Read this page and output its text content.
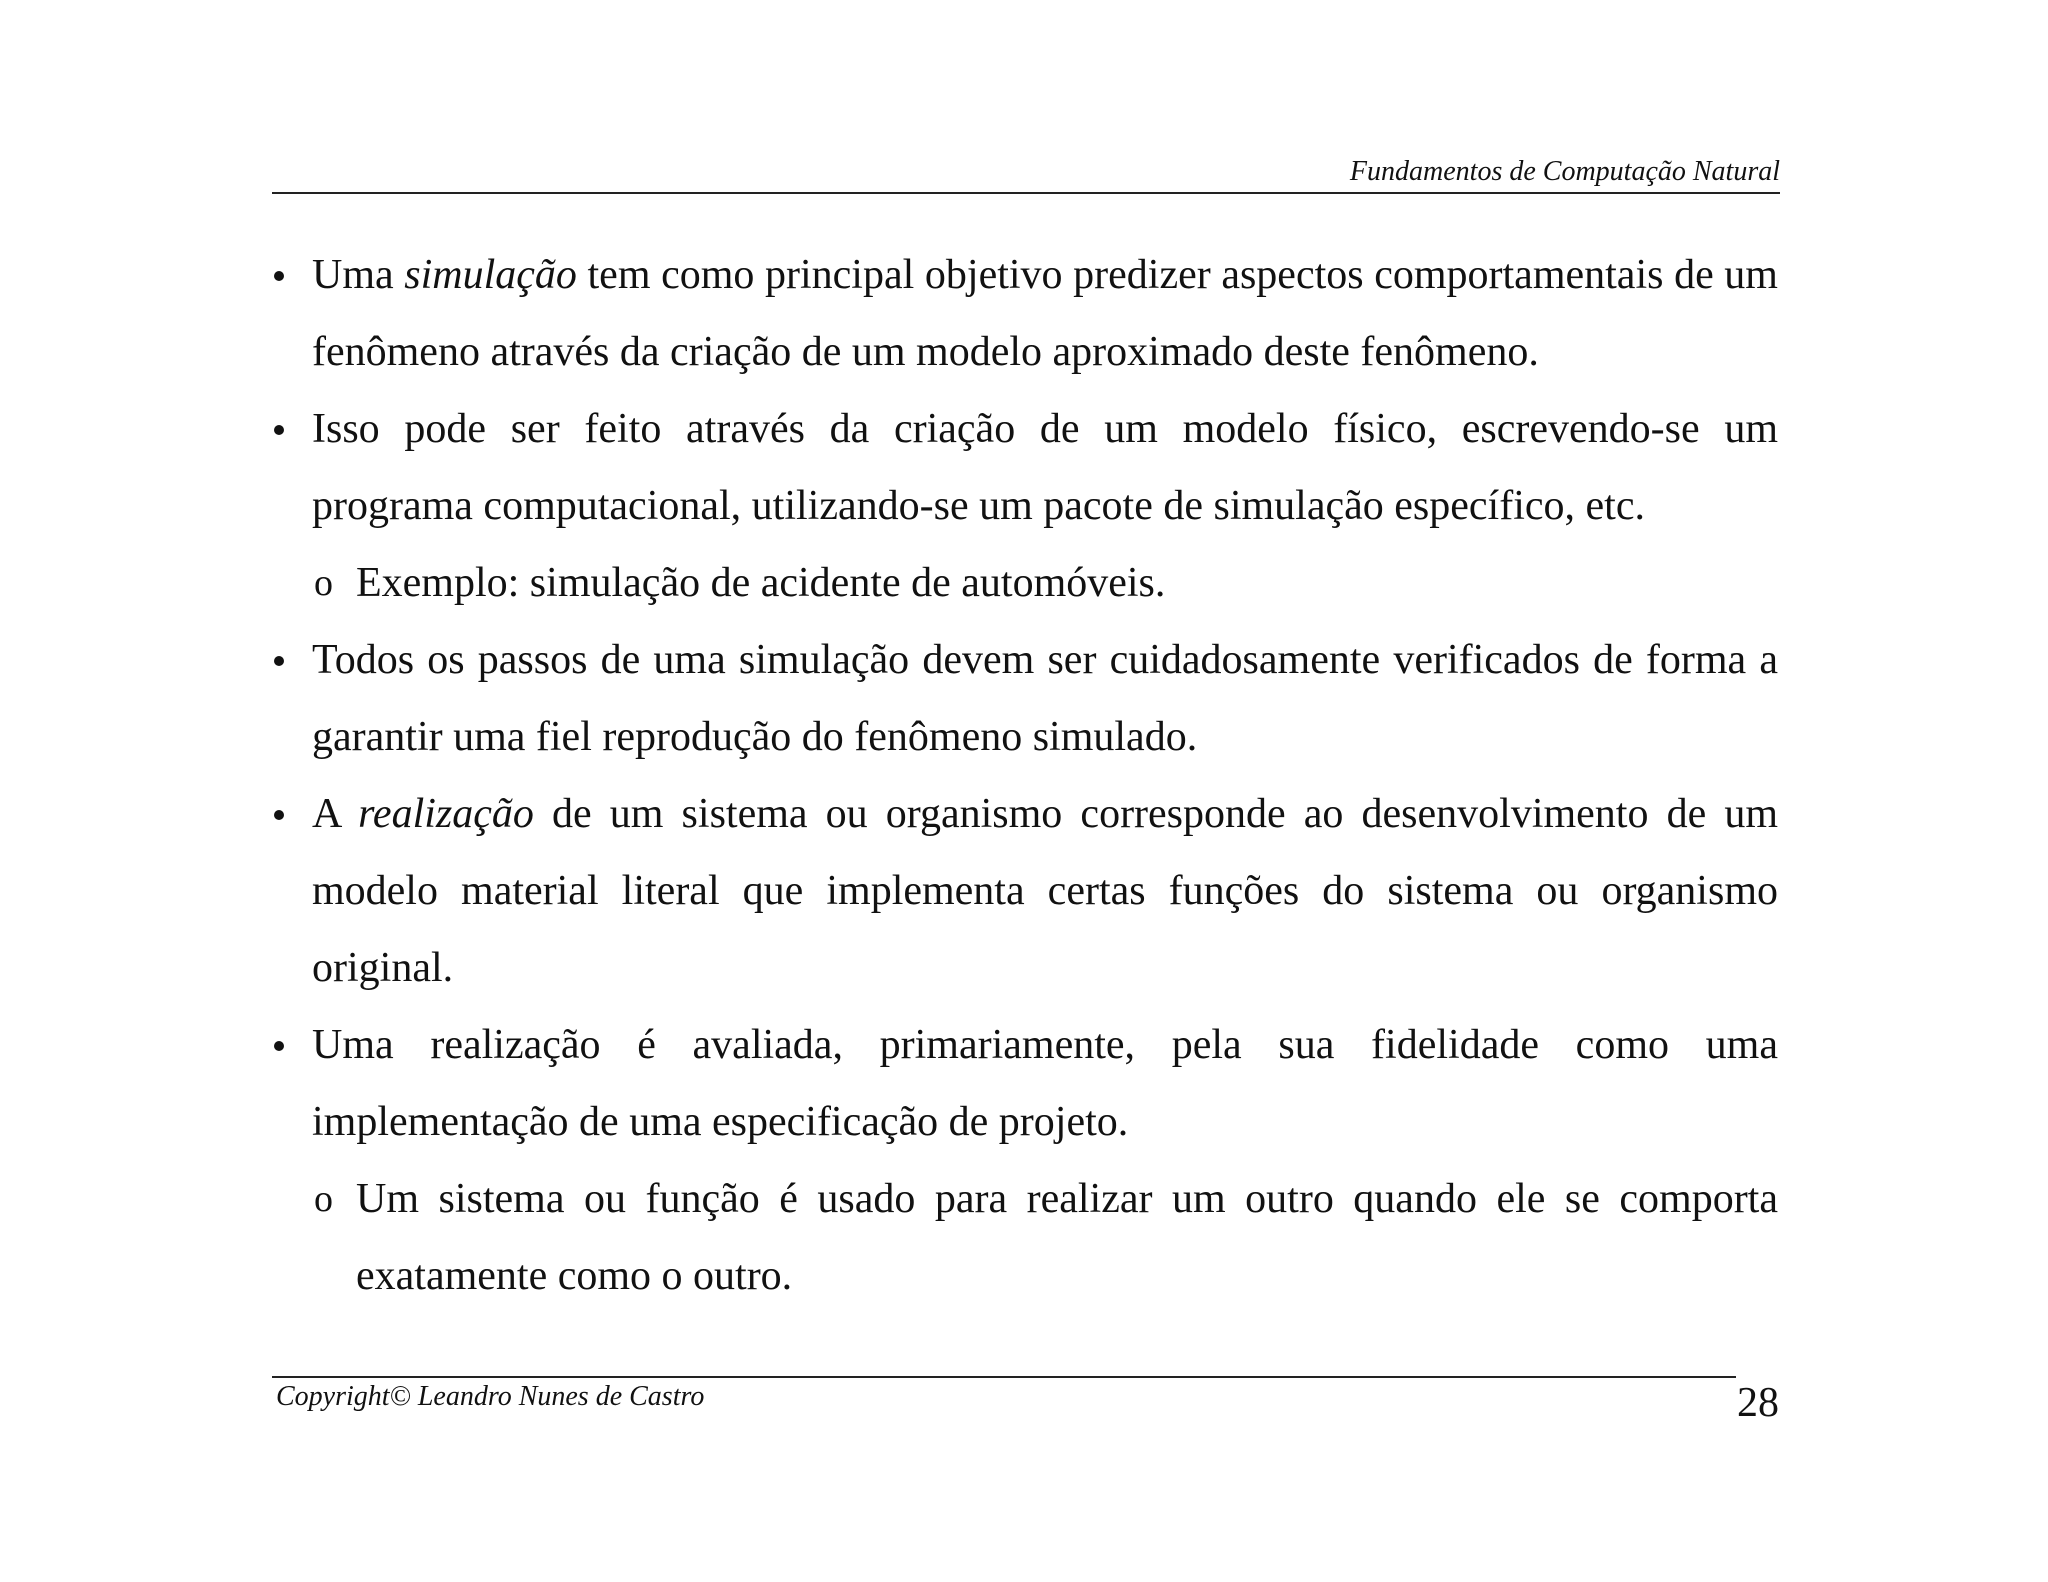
Fundamentos de Computação Natural
Uma simulação tem como principal objetivo predizer aspectos comportamentais de um fenômeno através da criação de um modelo aproximado deste fenômeno.
Isso pode ser feito através da criação de um modelo físico, escrevendo-se um programa computacional, utilizando-se um pacote de simulação específico, etc.
o Exemplo: simulação de acidente de automóveis.
Todos os passos de uma simulação devem ser cuidadosamente verificados de forma a garantir uma fiel reprodução do fenômeno simulado.
A realização de um sistema ou organismo corresponde ao desenvolvimento de um modelo material literal que implementa certas funções do sistema ou organismo original.
Uma realização é avaliada, primariamente, pela sua fidelidade como uma implementação de uma especificação de projeto.
o Um sistema ou função é usado para realizar um outro quando ele se comporta exatamente como o outro.
Copyright© Leandro Nunes de Castro	28
